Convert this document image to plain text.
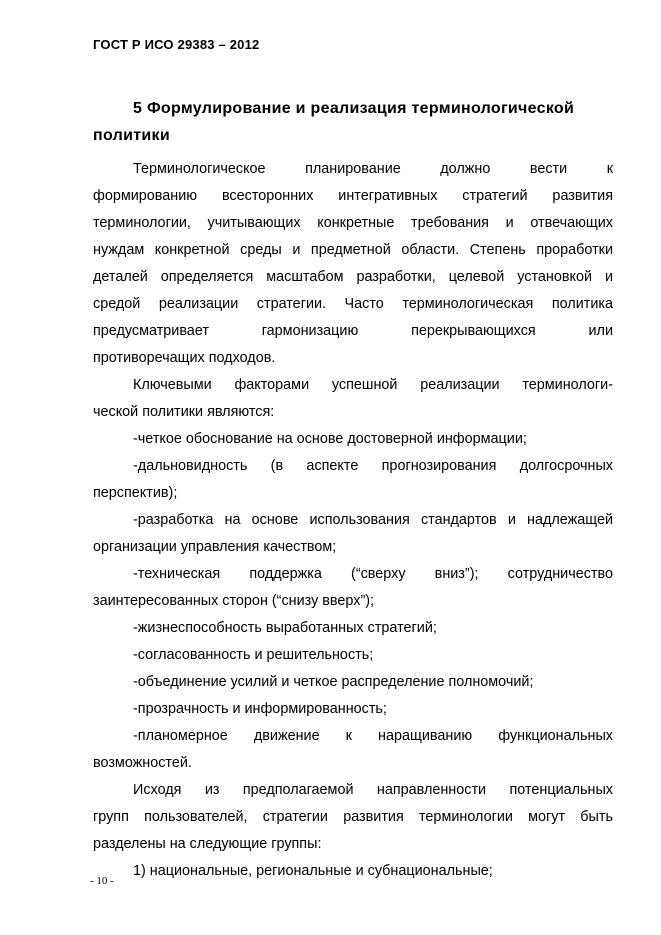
ГОСТ Р ИСО 29383 – 2012
5 Формулирование и реализация терминологической
политики
Терминологическое планирование должно вести к
формированию всесторонних интегративных стратегий развития
терминологии, учитывающих конкретные требования и отвечающих
нуждам конкретной среды и предметной области. Степень проработки
деталей определяется масштабом разработки, целевой установкой и
средой реализации стратегии. Часто терминологическая политика
предусматривает гармонизацию перекрывающихся или
противоречащих подходов.
Ключевыми факторами успешной реализации терминологи-
ческой политики являются:
-четкое обоснование на основе достоверной информации;
-дальновидность (в аспекте прогнозирования долгосрочных
перспектив);
-разработка на основе использования стандартов и надлежащей
организации управления качеством;
-техническая поддержка (“сверху вниз”); сотрудничество
заинтересованных сторон (“снизу вверх”);
-жизнеспособность выработанных стратегий;
-согласованность и решительность;
-объединение усилий и четкое распределение полномочий;
-прозрачность и информированность;
-планомерное движение к наращиванию функциональных
возможностей.
Исходя из предполагаемой направленности потенциальных
групп пользователей, стратегии развития терминологии могут быть
разделены на следующие группы:
1) национальные, региональные и субнациональные;
- 10 -
